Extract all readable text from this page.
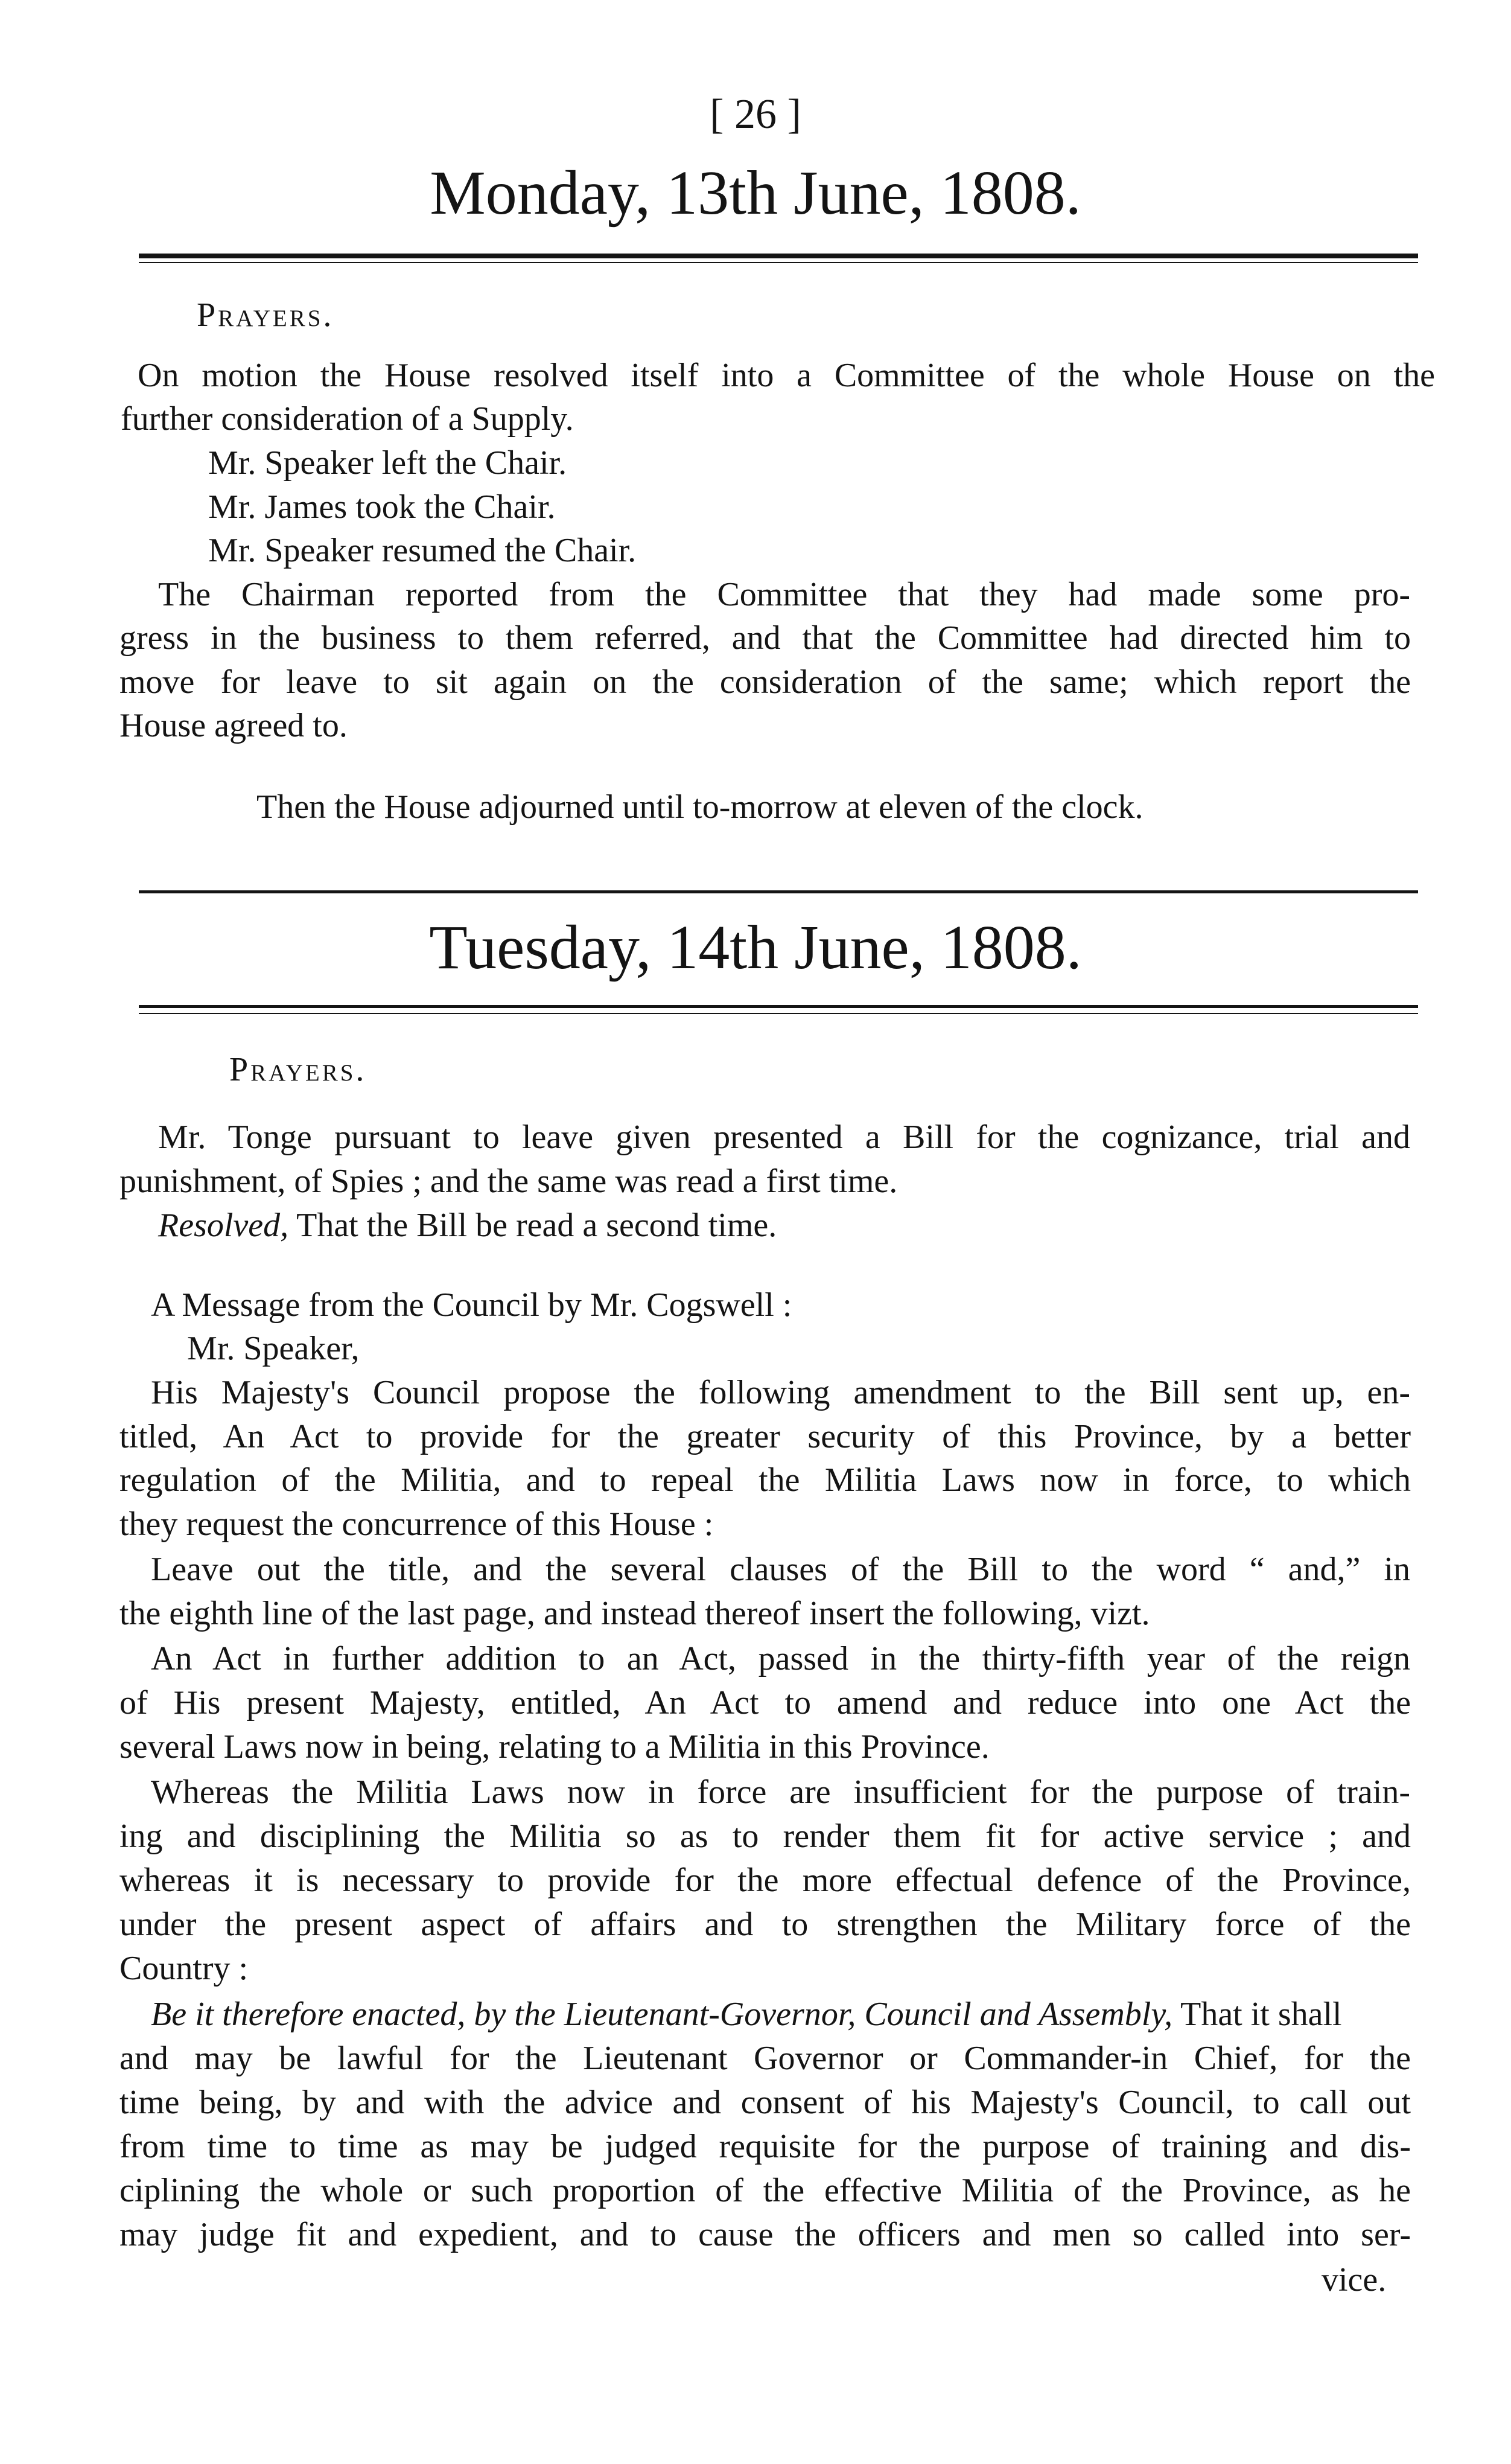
[ 26 ]
Monday, 13th June, 1808.
Prayers.
On motion the House resolved itself into a Committee of the whole House on the
further consideration of a Supply.
Mr. Speaker left the Chair.
Mr. James took the Chair.
Mr. Speaker resumed the Chair.
The Chairman reported from the Committee that they had made some pro-
gress in the business to them referred, and that the Committee had directed him to
move for leave to sit again on the consideration of the same; which report the
House agreed to.
Then the House adjourned until to-morrow at eleven of the clock.
Tuesday, 14th June, 1808.
Prayers.
Mr. Tonge pursuant to leave given presented a Bill for the cognizance, trial and
punishment, of Spies ; and the same was read a first time.
Resolved, That the Bill be read a second time.
A Message from the Council by Mr. Cogswell :
Mr. Speaker,
His Majesty's Council propose the following amendment to the Bill sent up, en-
titled, An Act to provide for the greater security of this Province, by a better
regulation of the Militia, and to repeal the Militia Laws now in force, to which
they request the concurrence of this House :
Leave out the title, and the several clauses of the Bill to the word “ and,” in
the eighth line of the last page, and instead thereof insert the following, vizt.
An Act in further addition to an Act, passed in the thirty-fifth year of the reign
of His present Majesty, entitled, An Act to amend and reduce into one Act the
several Laws now in being, relating to a Militia in this Province.
Whereas the Militia Laws now in force are insufficient for the purpose of train-
ing and disciplining the Militia so as to render them fit for active service ; and
whereas it is necessary to provide for the more effectual defence of the Province,
under the present aspect of affairs and to strengthen the Military force of the
Country :
Be it therefore enacted, by the Lieutenant-Governor, Council and Assembly, That it shall
and may be lawful for the Lieutenant Governor or Commander-in Chief, for the
time being, by and with the advice and consent of his Majesty's Council, to call out
from time to time as may be judged requisite for the purpose of training and dis-
ciplining the whole or such proportion of the effective Militia of the Province, as he
may judge fit and expedient, and to cause the officers and men so called into ser-
vice.
